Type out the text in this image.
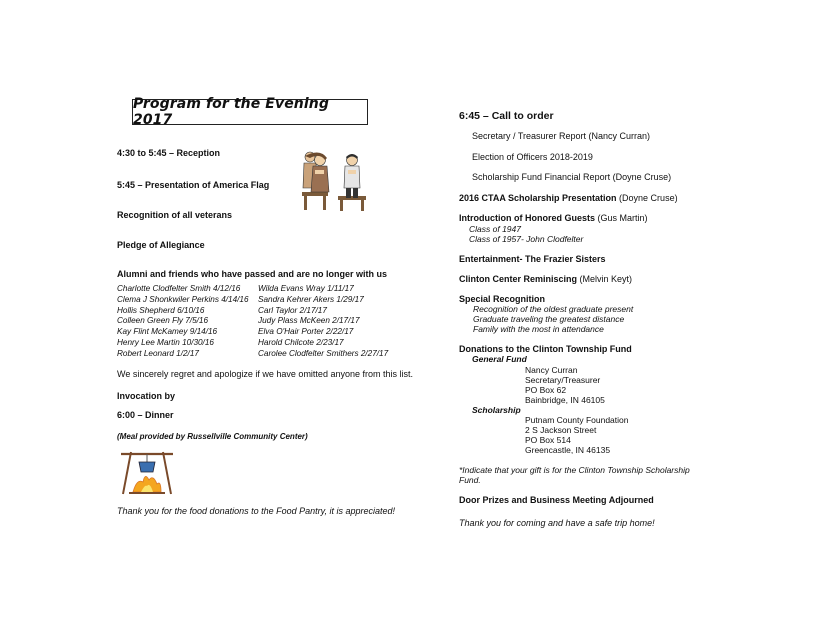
Program for the Evening 2017
4:30 to 5:45 – Reception
5:45 – Presentation of America Flag
Recognition of all veterans
Pledge of Allegiance
Alumni and friends who have passed and are no longer with us
Charlotte Clodfelter Smith 4/12/16
Clema J Shonkwiler Perkins 4/14/16
Hollis Shepherd 6/10/16
Colleen Green Fly 7/5/16
Kay Flint McKamey 9/14/16
Henry Lee Martin 10/30/16
Robert Leonard 1/2/17
Wilda Evans Wray 1/11/17
Sandra Kehrer Akers 1/29/17
Carl Taylor 2/17/17
Judy Plass McKeen 2/17/17
Elva O'Hair Porter 2/22/17
Harold Chilcote 2/23/17
Carolee Clodfelter Smithers 2/27/17
We sincerely regret and apologize if we have omitted anyone from this list.
Invocation by
6:00 – Dinner
(Meal provided by Russellville Community Center)
Thank you for the food donations to the Food Pantry, it is appreciated!
6:45 – Call to order
Secretary / Treasurer Report (Nancy Curran)
Election of Officers 2018-2019
Scholarship Fund Financial Report (Doyne Cruse)
2016 CTAA Scholarship Presentation (Doyne Cruse)
Introduction of Honored Guests (Gus Martin)
Class of 1947
Class of 1957- John Clodfelter
Entertainment- The Frazier Sisters
Clinton Center Reminiscing (Melvin Keyt)
Special Recognition
Recognition of the oldest graduate present
Graduate traveling the greatest distance
Family with the most in attendance
Donations to the Clinton Township Fund
General Fund
Nancy Curran
Secretary/Treasurer
PO Box 62
Bainbridge, IN 46105
Scholarship
Putnam County Foundation
2 S Jackson Street
PO Box 514
Greencastle, IN 46135
*Indicate that your gift is for the Clinton Township Scholarship
Fund.
Door Prizes and Business Meeting Adjourned
Thank you for coming and have a safe trip home!
